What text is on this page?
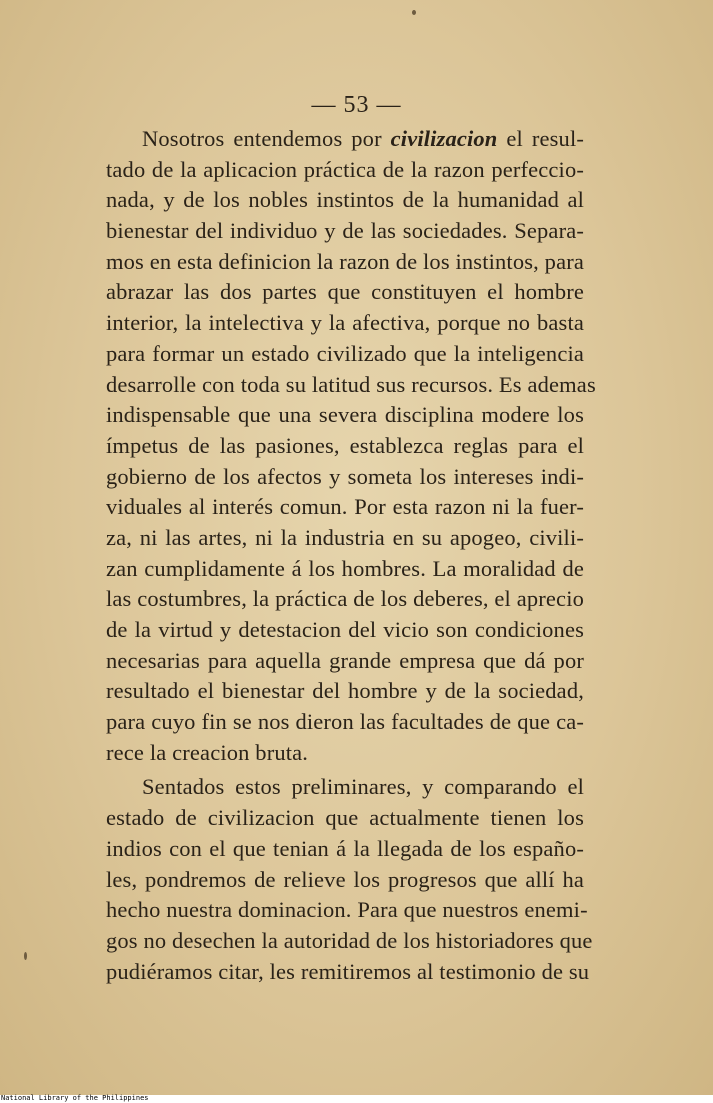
— 53 —
Nosotros entendemos por civilizacion el resul-
tado de la aplicacion práctica de la razon perfeccio-
nada, y de los nobles instintos de la humanidad al
bienestar del individuo y de las sociedades. Separa-
mos en esta definicion la razon de los instintos, para
abrazar las dos partes que constituyen el hombre
interior, la intelectiva y la afectiva, porque no basta
para formar un estado civilizado que la inteligencia
desarrolle con toda su latitud sus recursos. Es ademas
indispensable que una severa disciplina modere los
ímpetus de las pasiones, establezca reglas para el
gobierno de los afectos y someta los intereses indi-
viduales al interés comun. Por esta razon ni la fuer-
za, ni las artes, ni la industria en su apogeo, civili-
zan cumplidamente á los hombres. La moralidad de
las costumbres, la práctica de los deberes, el aprecio
de la virtud y detestacion del vicio son condiciones
necesarias para aquella grande empresa que dá por
resultado el bienestar del hombre y de la sociedad,
para cuyo fin se nos dieron las facultades de que ca-
rece la creacion bruta.
Sentados estos preliminares, y comparando el
estado de civilizacion que actualmente tienen los
indios con el que tenian á la llegada de los españo-
les, pondremos de relieve los progresos que allí ha
hecho nuestra dominacion. Para que nuestros enemi-
gos no desechen la autoridad de los historiadores que
pudiéramos citar, les remitiremos al testimonio de su
National Library of the Philippines
